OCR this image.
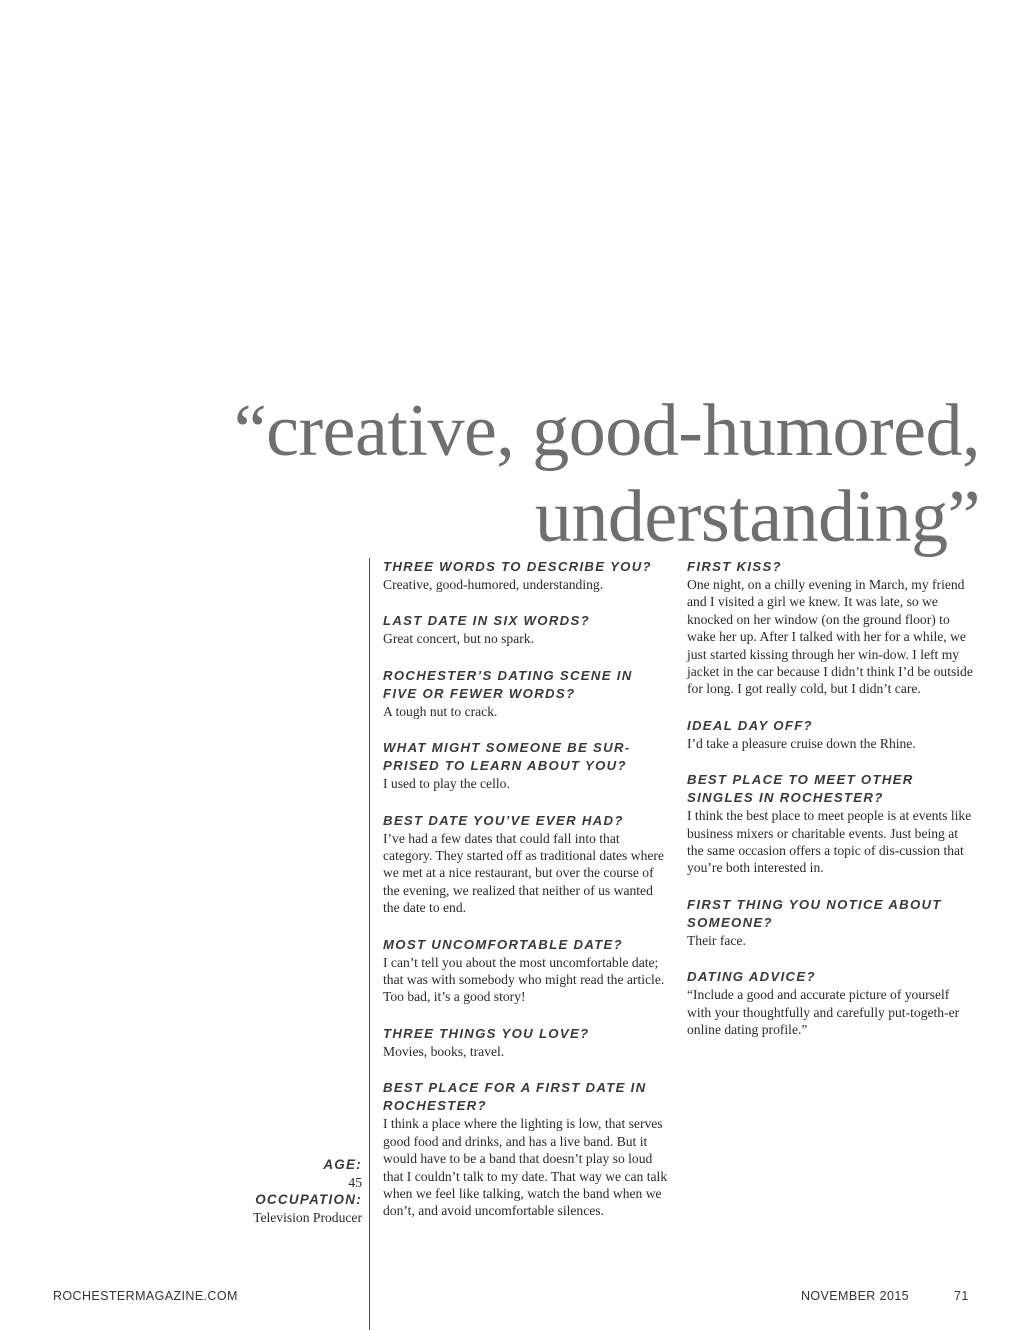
“creative, good-humored,
understanding”

THREE WORDS TO DESCRIBE YOU?

Creative, good-humored, understanding.

LAST DATE IN SIX WORDS?

Great concert, but no spark.

ROCHESTER’S DATING SCENE IN FIVE OR FEWER WORDS?

A tough nut to crack.

WHAT MIGHT SOMEONE BE SUR-PRISED TO LEARN ABOUT YOU?

I used to play the cello.

BEST DATE YOU’VE EVER HAD?

I’ve had a few dates that could fall into that category. They started off as traditional dates where we met at a nice restaurant, but over the course of the evening, we realized that neither of us wanted the date to end.

MOST UNCOMFORTABLE DATE?

I can’t tell you about the most uncomfortable date; that was with somebody who might read the article. Too bad, it’s a good story!

THREE THINGS YOU LOVE?

Movies, books, travel.

BEST PLACE FOR A FIRST DATE IN ROCHESTER?

I think a place where the lighting is low, that serves good food and drinks, and has a live band. But it would have to be a band that doesn’t play so loud that I couldn’t talk to my date. That way we can talk when we feel like talking, watch the band when we don’t, and avoid uncomfortable silences.

FIRST KISS?

One night, on a chilly evening in March, my friend and I visited a girl we knew. It was late, so we knocked on her window (on the ground floor) to wake her up. After I talked with her for a while, we just started kissing through her win-dow. I left my jacket in the car because I didn’t think I’d be outside for long. I got really cold, but I didn’t care.

IDEAL DAY OFF?

I’d take a pleasure cruise down the Rhine.

BEST PLACE TO MEET OTHER SINGLES IN ROCHESTER?

I think the best place to meet people is at events like business mixers or charitable events. Just being at the same occasion offers a topic of dis-cussion that you’re both interested in.

FIRST THING YOU NOTICE ABOUT SOMEONE?

Their face.

DATING ADVICE?

“Include a good and accurate picture of yourself with your thoughtfully and carefully put-togeth-er online dating profile.”

AGE:

45

OCCUPATION:

Television Producer

ROCHESTERMAGAZINE.COM	NOVEMBER 2015	71
